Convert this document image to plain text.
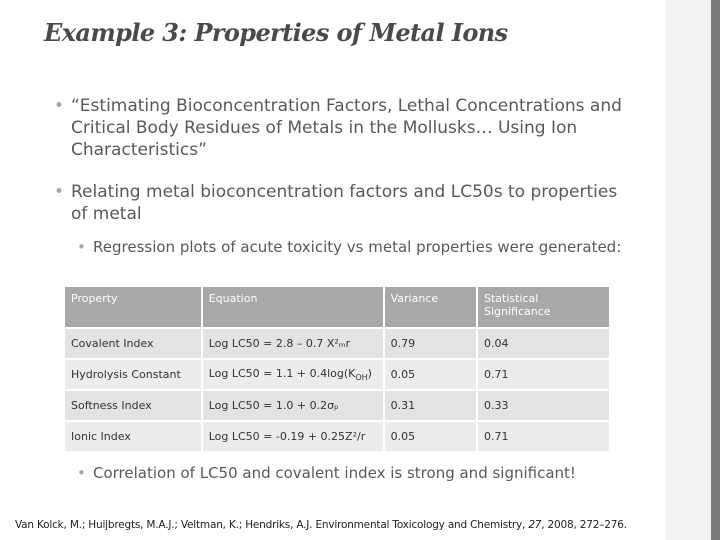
Example 3: Properties of Metal Ions
• “Estimating Bioconcentration Factors, Lethal Concentrations and Critical Body Residues of Metals in the Mollusks… Using Ion Characteristics”
• Relating metal bioconcentration factors and LC50s to properties of metal
• Regression plots of acute toxicity vs metal properties were generated:
Property	Equation	Variance	Statistical Significance
Covalent Index	Log LC50 = 2.8 – 0.7 X²ₘr	0.79	0.04
Hydrolysis Constant	Log $LC50 = 1.1 + 0.4\log(K_{OH})$	0.05	0.71
Softness Index	Log LC50 = 1.0 + 0.2σₚ	0.31	0.33
Ionic Index	Log LC50 = -0.19 + 0.25Z²/r	0.05	0.71
• Correlation of LC50 and covalent index is strong and significant!
Van Kolck, M.; Huijbregts, M.A.J.; Veltman, K.; Hendriks, A.J. Environmental Toxicology and Chemistry, 27, 2008, 272–276.
